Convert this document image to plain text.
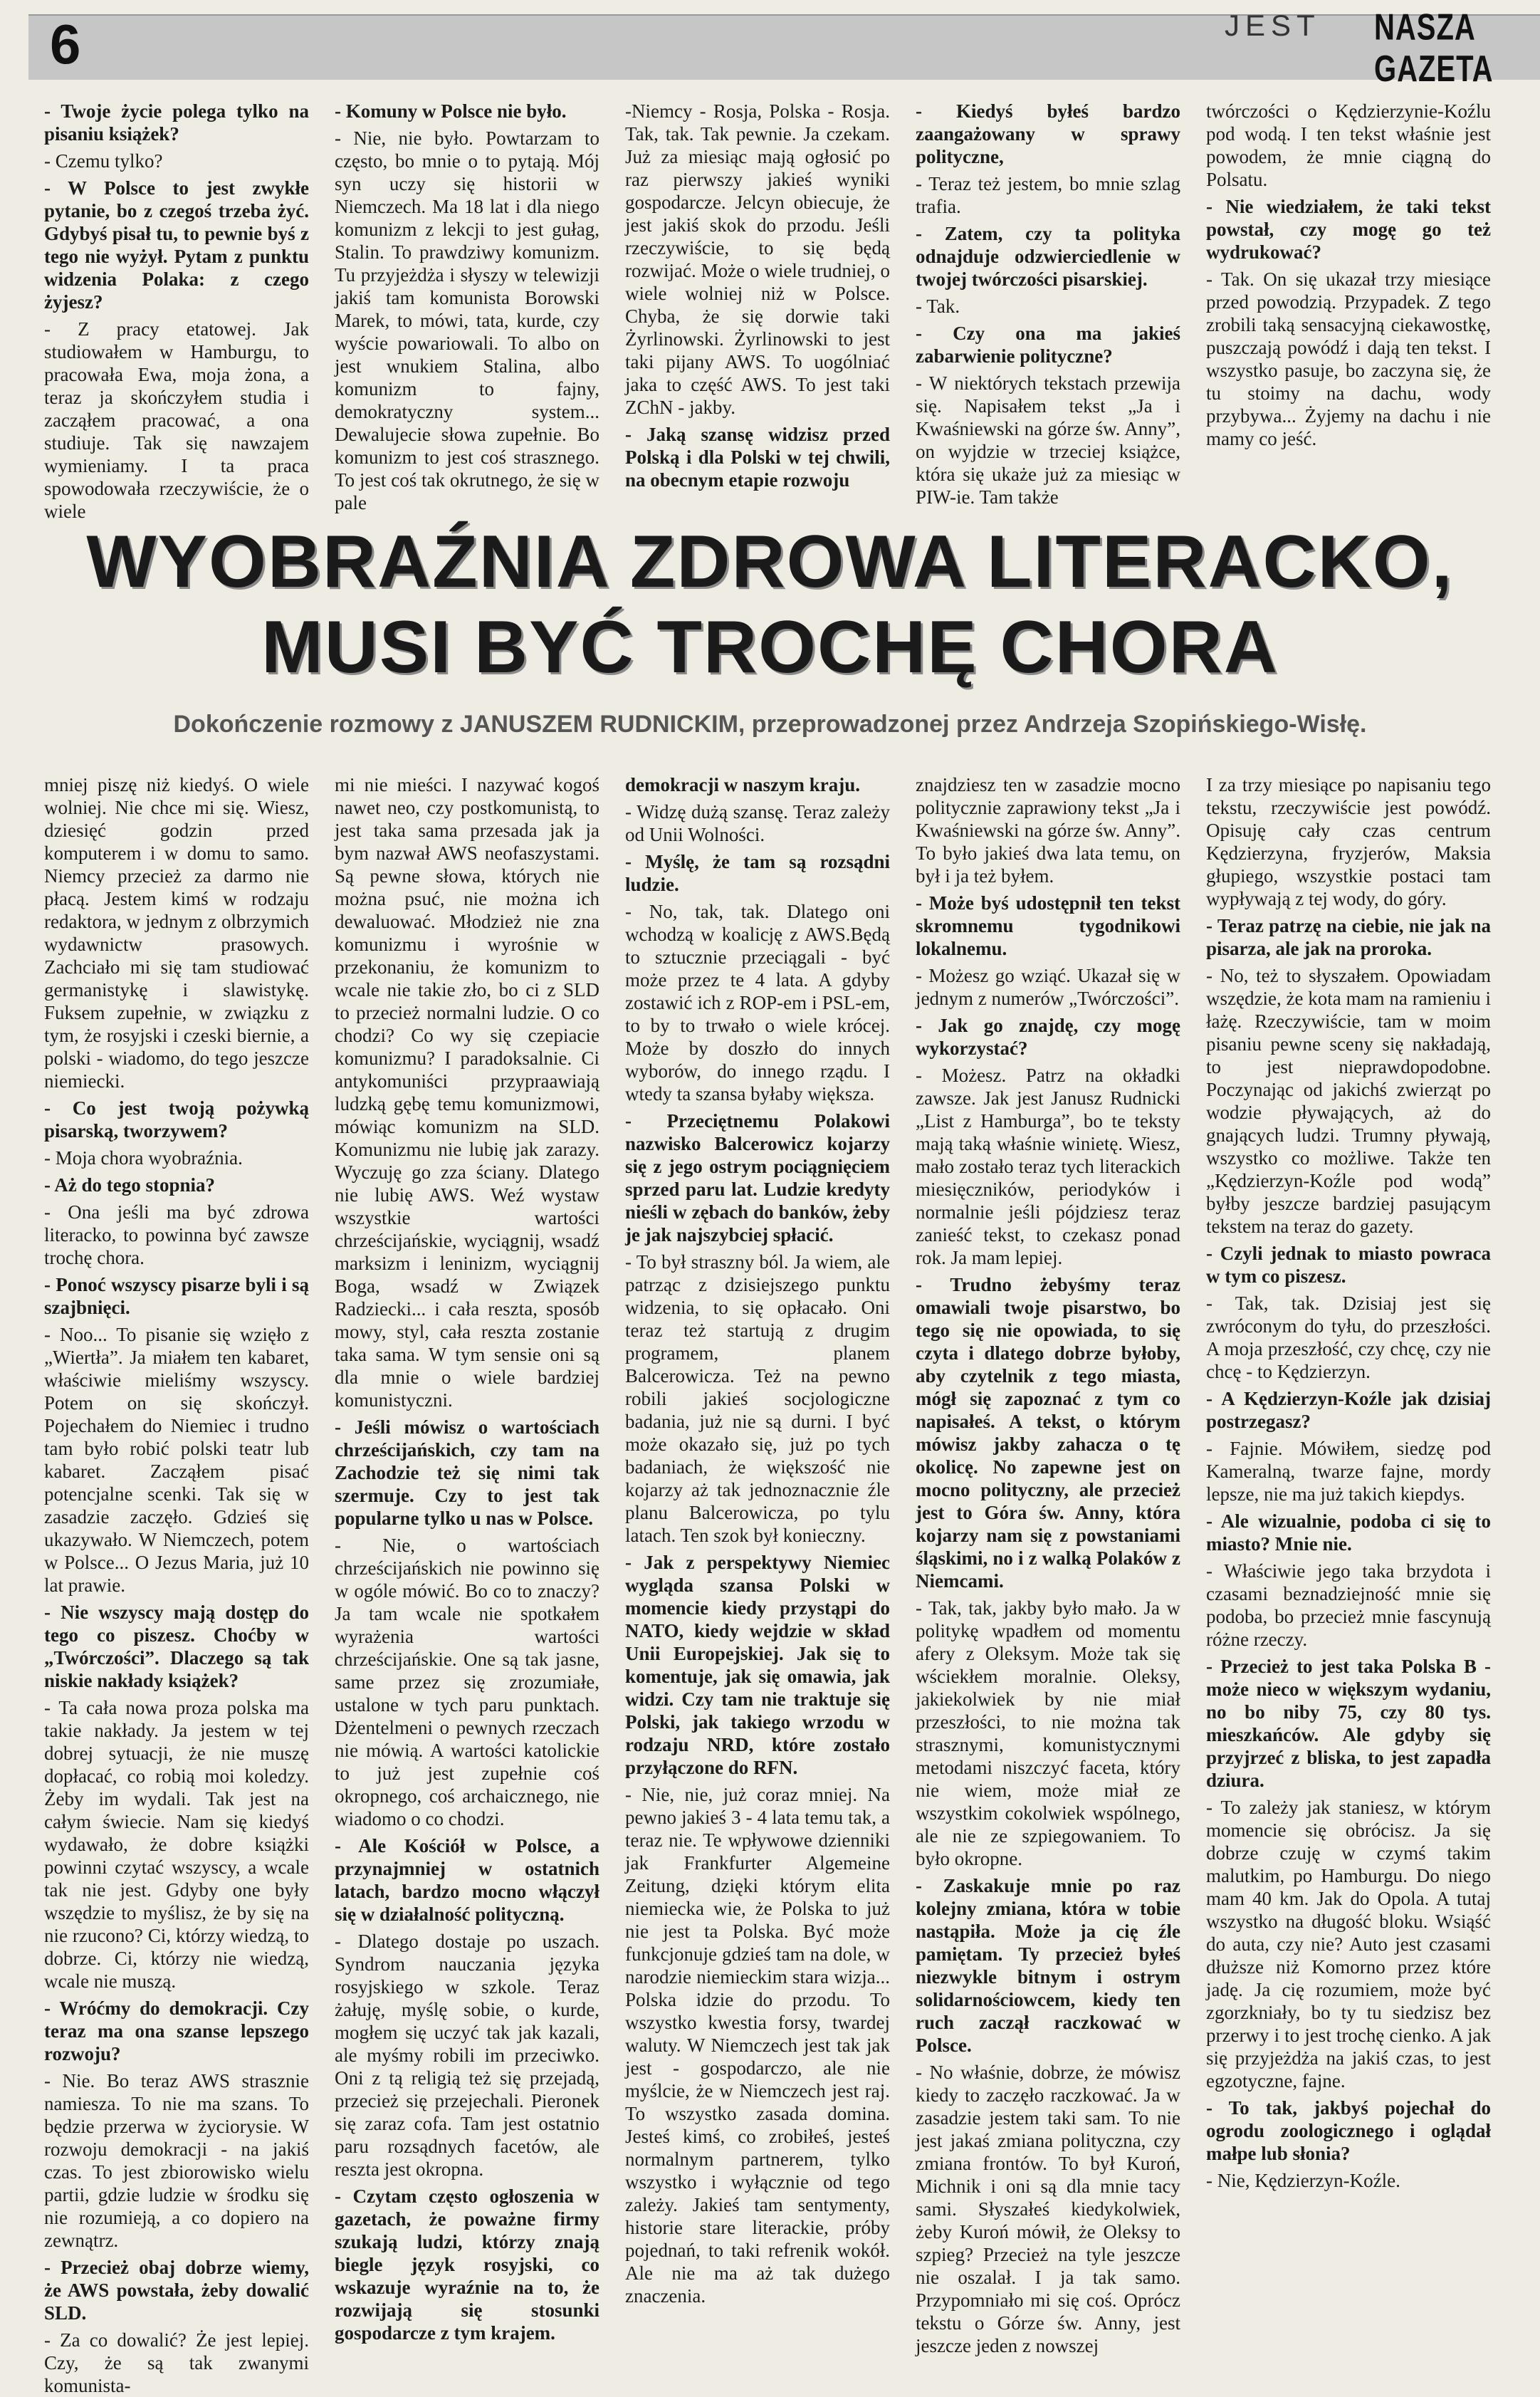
6	JEST NASZA GAZETA

- Twoje życie polega tylko na pisaniu książek?

- Czemu tylko?

- W Polsce to jest zwykłe pytanie, bo z czegoś trzeba żyć. Gdybyś pisał tu, to pewnie byś z tego nie wyżył. Pytam z punktu widzenia Polaka: z czego żyjesz?

- Z pracy etatowej. Jak studiowałem w Hamburgu, to pracowała Ewa, moja żona, a teraz ja skończyłem studia i zacząłem pracować, a ona studiuje. Tak się nawzajem wymieniamy. I ta praca spowodowała rzeczywiście, że o wiele

- Komuny w Polsce nie było.

- Nie, nie było. Powtarzam to często, bo mnie o to pytają. Mój syn uczy się historii w Niemczech. Ma 18 lat i dla niego komunizm z lekcji to jest gułag, Stalin. To prawdziwy komunizm. Tu przyjeżdża i słyszy w telewizji jakiś tam komunista Borowski Marek, to mówi, tata, kurde, czy wyście powariowali. To albo on jest wnukiem Stalina, albo komunizm to fajny, demokratyczny system... Dewalujecie słowa zupełnie. Bo komunizm to jest coś strasznego. To jest coś tak okrutnego, że się w pale

-Niemcy - Rosja, Polska - Rosja. Tak, tak. Tak pewnie. Ja czekam. Już za miesiąc mają ogłosić po raz pierwszy jakieś wyniki gospodarcze. Jelcyn obiecuje, że jest jakiś skok do przodu. Jeśli rzeczywiście, to się będą rozwijać. Może o wiele trudniej, o wiele wolniej niż w Polsce. Chyba, że się dorwie taki Żyrlinowski. Żyrlinowski to jest taki pijany AWS. To uogólniać jaka to część AWS. To jest taki ZChN - jakby.

- Jaką szansę widzisz przed Polską i dla Polski w tej chwili, na obecnym etapie rozwoju

- Kiedyś byłeś bardzo zaangażowany w sprawy polityczne,

- Teraz też jestem, bo mnie szlag trafia.

- Zatem, czy ta polityka odnajduje odzwierciedlenie w twojej twórczości pisarskiej.

- Tak.

- Czy ona ma jakieś zabarwienie polityczne?

- W niektórych tekstach przewija się. Napisałem tekst „Ja i Kwaśniewski na górze św. Anny”, on wyjdzie w trzeciej książce, która się ukaże już za miesiąc w PIW-ie. Tam także

twórczości o Kędzierzynie-Koźlu pod wodą. I ten tekst właśnie jest powodem, że mnie ciągną do Polsatu.

- Nie wiedziałem, że taki tekst powstał, czy mogę go też wydrukować?

- Tak. On się ukazał trzy miesiące przed powodzią. Przypadek. Z tego zrobili taką sensacyjną ciekawostkę, puszczają powódź i dają ten tekst. I wszystko pasuje, bo zaczyna się, że tu stoimy na dachu, wody przybywa... Żyjemy na dachu i nie mamy co jeść.

WYOBRAŹNIA ZDROWA LITERACKO,
MUSI BYĆ TROCHĘ CHORA
Dokończenie rozmowy z JANUSZEM RUDNICKIM, przeprowadzonej przez Andrzeja Szopińskiego-Wisłę.

mniej piszę niż kiedyś. O wiele wolniej. Nie chce mi się. Wiesz, dziesięć godzin przed komputerem i w domu to samo. Niemcy przecież za darmo nie płacą. Jestem kimś w rodzaju redaktora, w jednym z olbrzymich wydawnictw prasowych. Zachciało mi się tam studiować germanistykę i slawistykę. Fuksem zupełnie, w związku z tym, że rosyjski i czeski biernie, a polski - wiadomo, do tego jeszcze niemiecki.

- Co jest twoją pożywką pisarską, tworzywem?

- Moja chora wyobraźnia.

- Aż do tego stopnia?

- Ona jeśli ma być zdrowa literacko, to powinna być zawsze trochę chora.

- Ponoć wszyscy pisarze byli i są szajbnięci.

- Noo... To pisanie się wzięło z „Wiertła”. Ja miałem ten kabaret, właściwie mieliśmy wszyscy. Potem on się skończył. Pojechałem do Niemiec i trudno tam było robić polski teatr lub kabaret. Zacząłem pisać potencjalne scenki. Tak się w zasadzie zaczęło. Gdzieś się ukazywało. W Niemczech, potem w Polsce... O Jezus Maria, już 10 lat prawie.

- Nie wszyscy mają dostęp do tego co piszesz. Choćby w „Twórczości”. Dlaczego są tak niskie nakłady książek?

- Ta cała nowa proza polska ma takie nakłady. Ja jestem w tej dobrej sytuacji, że nie muszę dopłacać, co robią moi koledzy. Żeby im wydali. Tak jest na całym świecie. Nam się kiedyś wydawało, że dobre książki powinni czytać wszyscy, a wcale tak nie jest. Gdyby one były wszędzie to myślisz, że by się na nie rzucono? Ci, którzy wiedzą, to dobrze. Ci, którzy nie wiedzą, wcale nie muszą.

- Wróćmy do demokracji. Czy teraz ma ona szanse lepszego rozwoju?

- Nie. Bo teraz AWS strasznie namiesza. To nie ma szans. To będzie przerwa w życiorysie. W rozwoju demokracji - na jakiś czas. To jest zbiorowisko wielu partii, gdzie ludzie w środku się nie rozumieją, a co dopiero na zewnątrz.

- Przecież obaj dobrze wiemy, że AWS powstała, żeby dowalić SLD.

- Za co dowalić? Że jest lepiej. Czy, że są tak zwanymi komunista-

mi nie mieści. I nazywać kogoś nawet neo, czy postkomunistą, to jest taka sama przesada jak ja bym nazwał AWS neofaszystami. Są pewne słowa, których nie można psuć, nie można ich dewaluować. Młodzież nie zna komunizmu i wyrośnie w przekonaniu, że komunizm to wcale nie takie zło, bo ci z SLD to przecież normalni ludzie. O co chodzi? Co wy się czepiacie komunizmu? I paradoksalnie. Ci antykomuniści przypraawiają ludzką gębę temu komunizmowi, mówiąc komunizm na SLD. Komunizmu nie lubię jak zarazy. Wyczuję go zza ściany. Dlatego nie lubię AWS. Weź wystaw wszystkie wartości chrześcijańskie, wyciągnij, wsadź marksizm i leninizm, wyciągnij Boga, wsadź w Związek Radziecki... i cała reszta, sposób mowy, styl, cała reszta zostanie taka sama. W tym sensie oni są dla mnie o wiele bardziej komunistyczni.

- Jeśli mówisz o wartościach chrześcijańskich, czy tam na Zachodzie też się nimi tak szermuje. Czy to jest tak popularne tylko u nas w Polsce.

- Nie, o wartościach chrześcijańskich nie powinno się w ogóle mówić. Bo co to znaczy? Ja tam wcale nie spotkałem wyrażenia wartości chrześcijańskie. One są tak jasne, same przez się zrozumiałe, ustalone w tych paru punktach. Dżentelmeni o pewnych rzeczach nie mówią. A wartości katolickie to już jest zupełnie coś okropnego, coś archaicznego, nie wiadomo o co chodzi.

- Ale Kościół w Polsce, a przynajmniej w ostatnich latach, bardzo mocno włączył się w działalność polityczną.

- Dlatego dostaje po uszach. Syndrom nauczania języka rosyjskiego w szkole. Teraz żałuję, myślę sobie, o kurde, mogłem się uczyć tak jak kazali, ale myśmy robili im przeciwko. Oni z tą religią też się przejadą, przecież się przejechali. Pieronek się zaraz cofa. Tam jest ostatnio paru rozsądnych facetów, ale reszta jest okropna.

- Czytam często ogłoszenia w gazetach, że poważne firmy szukają ludzi, którzy znają biegle język rosyjski, co wskazuje wyraźnie na to, że rozwijają się stosunki gospodarcze z tym krajem.

demokracji w naszym kraju.

- Widzę dużą szansę. Teraz zależy od Unii Wolności.

- Myślę, że tam są rozsądni ludzie.

- No, tak, tak. Dlatego oni wchodzą w koalicję z AWS.Będą to sztucznie przeciągali - być może przez te 4 lata. A gdyby zostawić ich z ROP-em i PSL-em, to by to trwało o wiele krócej. Może by doszło do innych wyborów, do innego rządu. I wtedy ta szansa byłaby większa.

- Przeciętnemu Polakowi nazwisko Balcerowicz kojarzy się z jego ostrym pociągnięciem sprzed paru lat. Ludzie kredyty nieśli w zębach do banków, żeby je jak najszybciej spłacić.

- To był straszny ból. Ja wiem, ale patrząc z dzisiejszego punktu widzenia, to się opłacało. Oni teraz też startują z drugim programem, planem Balcerowicza. Też na pewno robili jakieś socjologiczne badania, już nie są durni. I być może okazało się, już po tych badaniach, że większość nie kojarzy aż tak jednoznacznie źle planu Balcerowicza, po tylu latach. Ten szok był konieczny.

- Jak z perspektywy Niemiec wygląda szansa Polski w momencie kiedy przystąpi do NATO, kiedy wejdzie w skład Unii Europejskiej. Jak się to komentuje, jak się omawia, jak widzi. Czy tam nie traktuje się Polski, jak takiego wrzodu w rodzaju NRD, które zostało przyłączone do RFN.

- Nie, nie, już coraz mniej. Na pewno jakieś 3 - 4 lata temu tak, a teraz nie. Te wpływowe dzienniki jak Frankfurter Algemeine Zeitung, dzięki którym elita niemiecka wie, że Polska to już nie jest ta Polska. Być może funkcjonuje gdzieś tam na dole, w narodzie niemieckim stara wizja... Polska idzie do przodu. To wszystko kwestia forsy, twardej waluty. W Niemczech jest tak jak jest - gospodarczo, ale nie myślcie, że w Niemczech jest raj. To wszystko zasada domina. Jesteś kimś, co zrobiłeś, jesteś normalnym partnerem, tylko wszystko i wyłącznie od tego zależy. Jakieś tam sentymenty, historie stare literackie, próby pojednań, to taki refrenik wokół. Ale nie ma aż tak dużego znaczenia.

znajdziesz ten w zasadzie mocno politycznie zaprawiony tekst „Ja i Kwaśniewski na górze św. Anny”. To było jakieś dwa lata temu, on był i ja też byłem.

- Może byś udostępnił ten tekst skromnemu tygodnikowi lokalnemu.

- Możesz go wziąć. Ukazał się w jednym z numerów „Twórczości”.

- Jak go znajdę, czy mogę wykorzystać?

- Możesz. Patrz na okładki zawsze. Jak jest Janusz Rudnicki „List z Hamburga”, bo te teksty mają taką właśnie winietę. Wiesz, mało zostało teraz tych literackich miesięczników, periodyków i normalnie jeśli pójdziesz teraz zanieść tekst, to czekasz ponad rok. Ja mam lepiej.

- Trudno żebyśmy teraz omawiali twoje pisarstwo, bo tego się nie opowiada, to się czyta i dlatego dobrze byłoby, aby czytelnik z tego miasta, mógł się zapoznać z tym co napisałeś. A tekst, o którym mówisz jakby zahacza o tę okolicę. No zapewne jest on mocno polityczny, ale przecież jest to Góra św. Anny, która kojarzy nam się z powstaniami śląskimi, no i z walką Polaków z Niemcami.

- Tak, tak, jakby było mało. Ja w politykę wpadłem od momentu afery z Oleksym. Może tak się wściekłem moralnie. Oleksy, jakiekolwiek by nie miał przeszłości, to nie można tak strasznymi, komunistycznymi metodami niszczyć faceta, który nie wiem, może miał ze wszystkim cokolwiek wspólnego, ale nie ze szpiegowaniem. To było okropne.

- Zaskakuje mnie po raz kolejny zmiana, która w tobie nastąpiła. Może ja cię źle pamiętam. Ty przecież byłeś niezwykle bitnym i ostrym solidarnościowcem, kiedy ten ruch zaczął raczkować w Polsce.

- No właśnie, dobrze, że mówisz kiedy to zaczęło raczkować. Ja w zasadzie jestem taki sam. To nie jest jakaś zmiana polityczna, czy zmiana frontów. To był Kuroń, Michnik i oni są dla mnie tacy sami. Słyszałeś kiedykolwiek, żeby Kuroń mówił, że Oleksy to szpieg? Przecież na tyle jeszcze nie oszalał. I ja tak samo. Przypomniało mi się coś. Oprócz tekstu o Górze św. Anny, jest jeszcze jeden z nowszej

I za trzy miesiące po napisaniu tego tekstu, rzeczywiście jest powódź. Opisuję cały czas centrum Kędzierzyna, fryzjerów, Maksia głupiego, wszystkie postaci tam wypływają z tej wody, do góry.

- Teraz patrzę na ciebie, nie jak na pisarza, ale jak na proroka.

- No, też to słyszałem. Opowiadam wszędzie, że kota mam na ramieniu i łażę. Rzeczywiście, tam w moim pisaniu pewne sceny się nakładają, to jest nieprawdopodobne. Poczynając od jakichś zwierząt po wodzie pływających, aż do gnających ludzi. Trumny pływają, wszystko co możliwe. Także ten „Kędzierzyn-Koźle pod wodą” byłby jeszcze bardziej pasującym tekstem na teraz do gazety.

- Czyli jednak to miasto powraca w tym co piszesz.

- Tak, tak. Dzisiaj jest się zwróconym do tyłu, do przeszłości. A moja przeszłość, czy chcę, czy nie chcę - to Kędzierzyn.

- A Kędzierzyn-Koźle jak dzisiaj postrzegasz?

- Fajnie. Mówiłem, siedzę pod Kameralną, twarze fajne, mordy lepsze, nie ma już takich kiepdys.

- Ale wizualnie, podoba ci się to miasto? Mnie nie.

- Właściwie jego taka brzydota i czasami beznadziejność mnie się podoba, bo przecież mnie fascynują różne rzeczy.

- Przecież to jest taka Polska B - może nieco w większym wydaniu, no bo niby 75, czy 80 tys. mieszkańców. Ale gdyby się przyjrzeć z bliska, to jest zapadła dziura.

- To zależy jak staniesz, w którym momencie się obrócisz. Ja się dobrze czuję w czymś takim malutkim, po Hamburgu. Do niego mam 40 km. Jak do Opola. A tutaj wszystko na długość bloku. Wsiąść do auta, czy nie? Auto jest czasami dłuższe niż Komorno przez które jadę. Ja cię rozumiem, może być zgorzkniały, bo ty tu siedzisz bez przerwy i to jest trochę cienko. A jak się przyjeżdża na jakiś czas, to jest egzotyczne, fajne.

- To tak, jakbyś pojechał do ogrodu zoologicznego i oglądał małpe lub słonia?

- Nie, Kędzierzyn-Koźle.
